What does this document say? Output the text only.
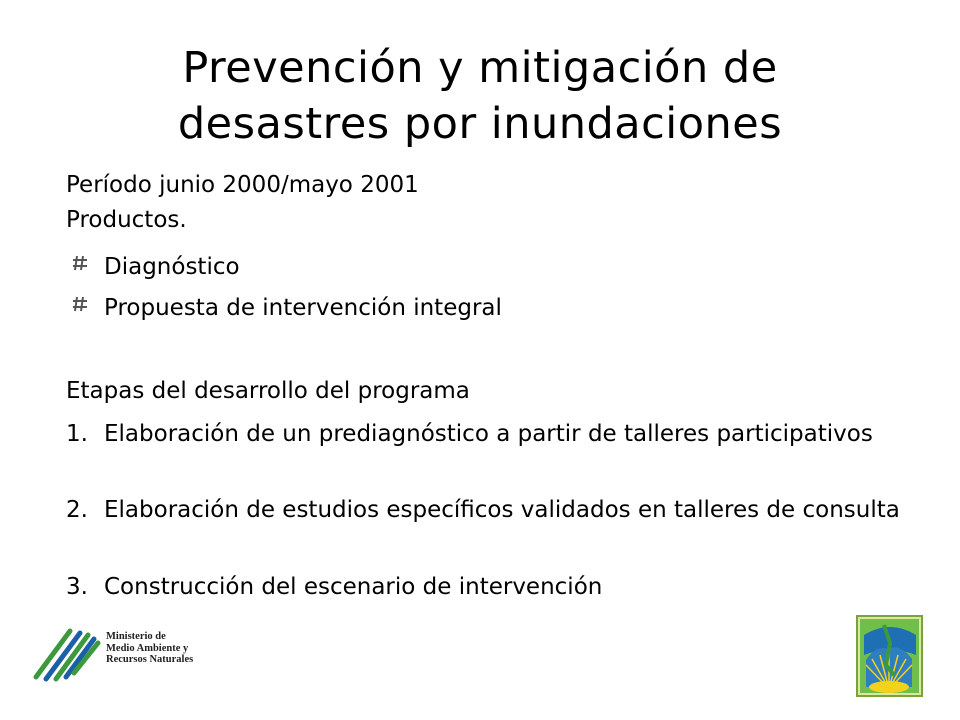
Prevención y mitigación de
desastres por inundaciones

Período junio 2000/mayo 2001

Productos.

Diagnóstico

Propuesta de intervención integral

Etapas del desarrollo del programa

1. Elaboración de un prediagnóstico a partir de talleres participativos

2. Elaboración de estudios específicos validados en talleres de consulta

3. Construcción del escenario de intervención

Ministerio de
Medio Ambiente y
Recursos Naturales
